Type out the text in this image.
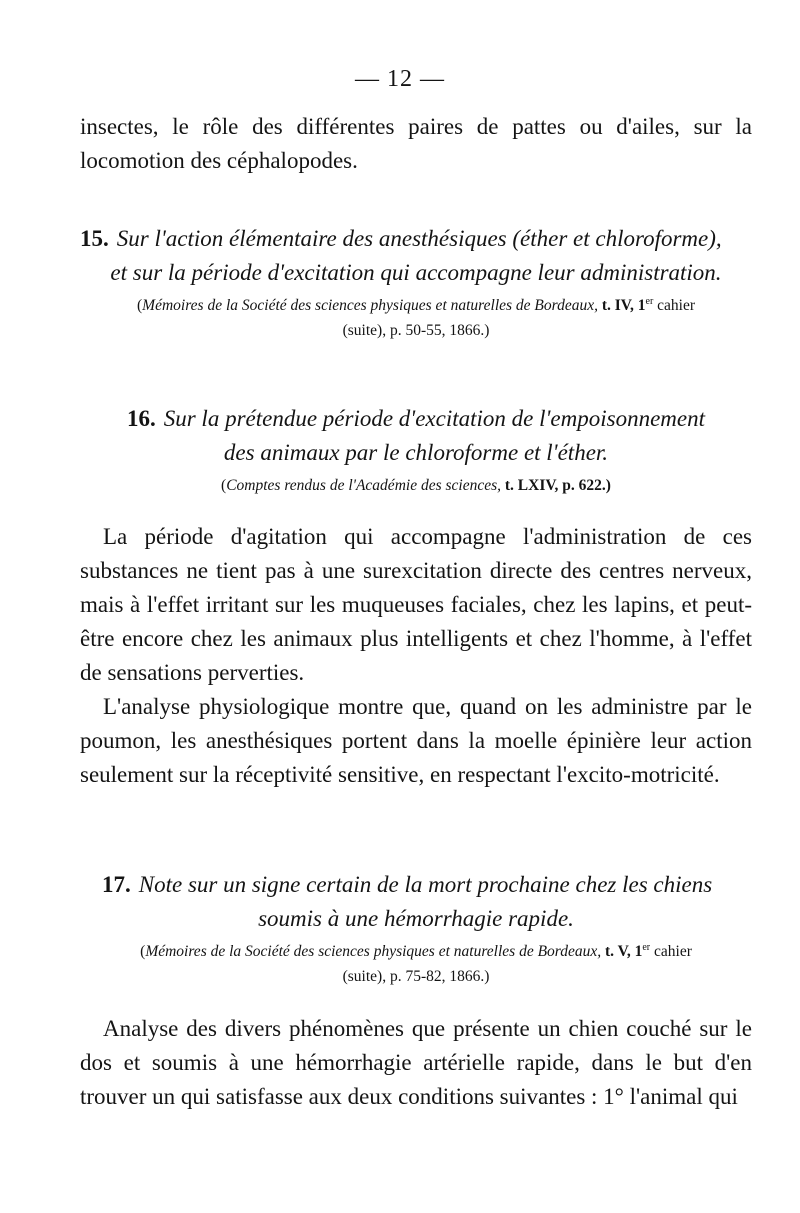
— 12 —

insectes, le rôle des différentes paires de pattes ou d'ailes, sur la locomotion des céphalopodes.

15. Sur l'action élémentaire des anesthésiques (éther et chloroforme),

et sur la période d'excitation qui accompagne leur administration.

(Mémoires de la Société des sciences physiques et naturelles de Bordeaux, t. IV, 1er cahier

(suite), p. 50-55, 1866.)

16. Sur la prétendue période d'excitation de l'empoisonnement

des animaux par le chloroforme et l'éther.

(Comptes rendus de l'Académie des sciences, t. LXIV, p. 622.)

La période d'agitation qui accompagne l'administration de ces substances ne tient pas à une surexcitation directe des centres nerveux, mais à l'effet irritant sur les muqueuses faciales, chez les lapins, et peut-être encore chez les animaux plus intelligents et chez l'homme, à l'effet de sensations perverties.

L'analyse physiologique montre que, quand on les administre par le poumon, les anesthésiques portent dans la moelle épinière leur action seulement sur la réceptivité sensitive, en respectant l'excito-motricité.

17. Note sur un signe certain de la mort prochaine chez les chiens

soumis à une hémorrhagie rapide.

(Mémoires de la Société des sciences physiques et naturelles de Bordeaux, t. V, 1er cahier

(suite), p. 75-82, 1866.)

Analyse des divers phénomènes que présente un chien couché sur le dos et soumis à une hémorrhagie artérielle rapide, dans le but d'en trouver un qui satisfasse aux deux conditions suivantes : 1° l'animal qui
